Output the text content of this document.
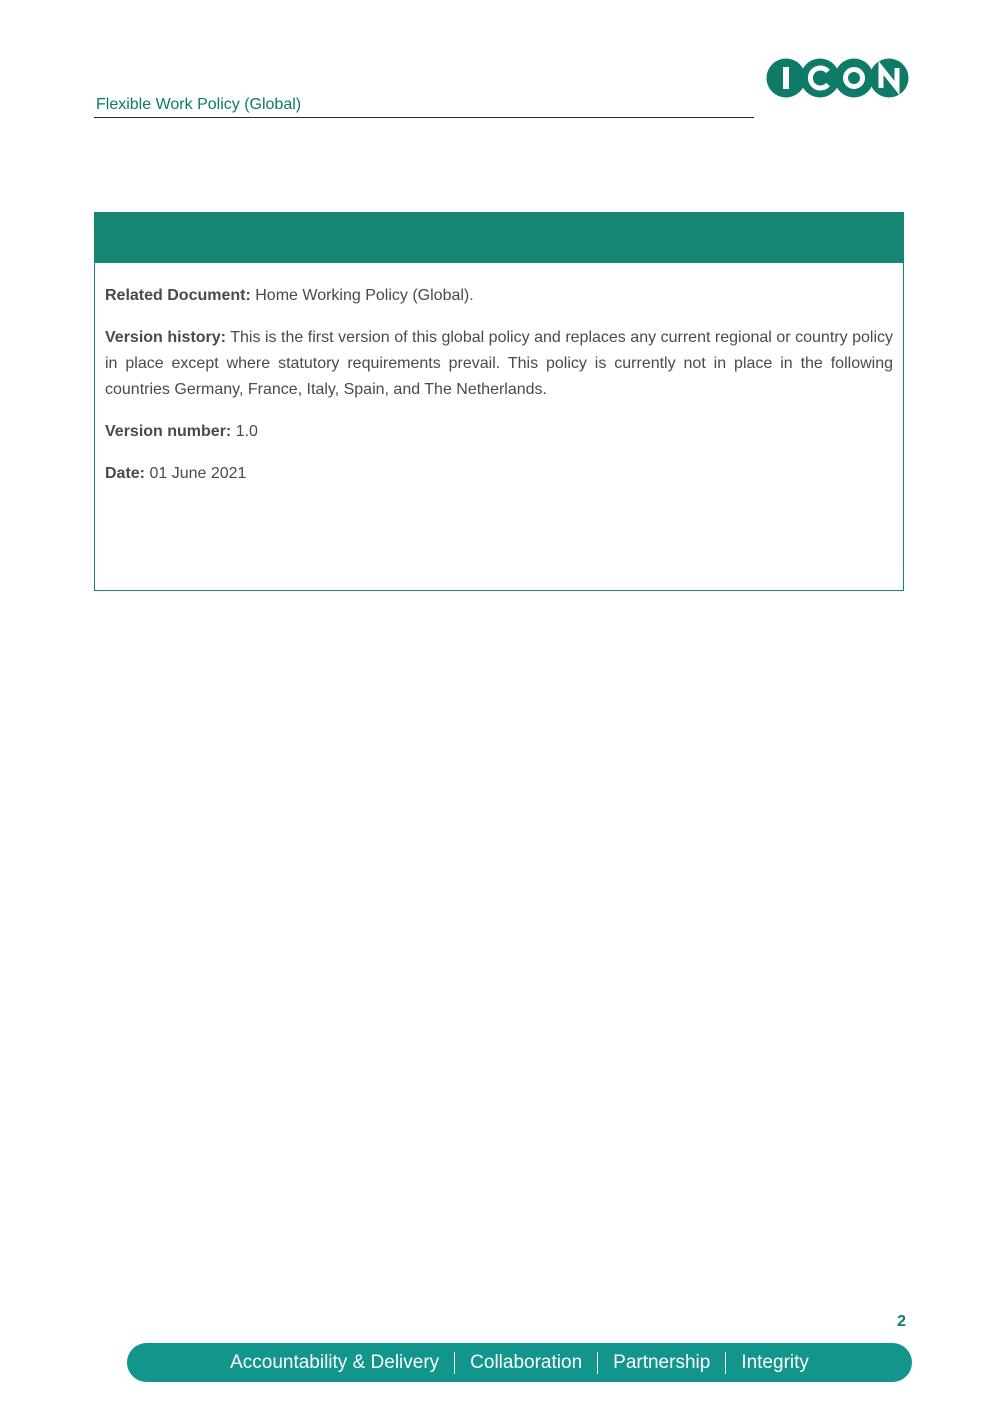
Flexible Work Policy (Global)

Related Document: Home Working Policy (Global).

Version history: This is the first version of this global policy and replaces any current regional or country policy in place except where statutory requirements prevail. This policy is currently not in place in the following countries Germany, France, Italy, Spain, and The Netherlands.

Version number: 1.0

Date: 01 June 2021

2
Accountability & Delivery Collaboration Partnership Integrity
